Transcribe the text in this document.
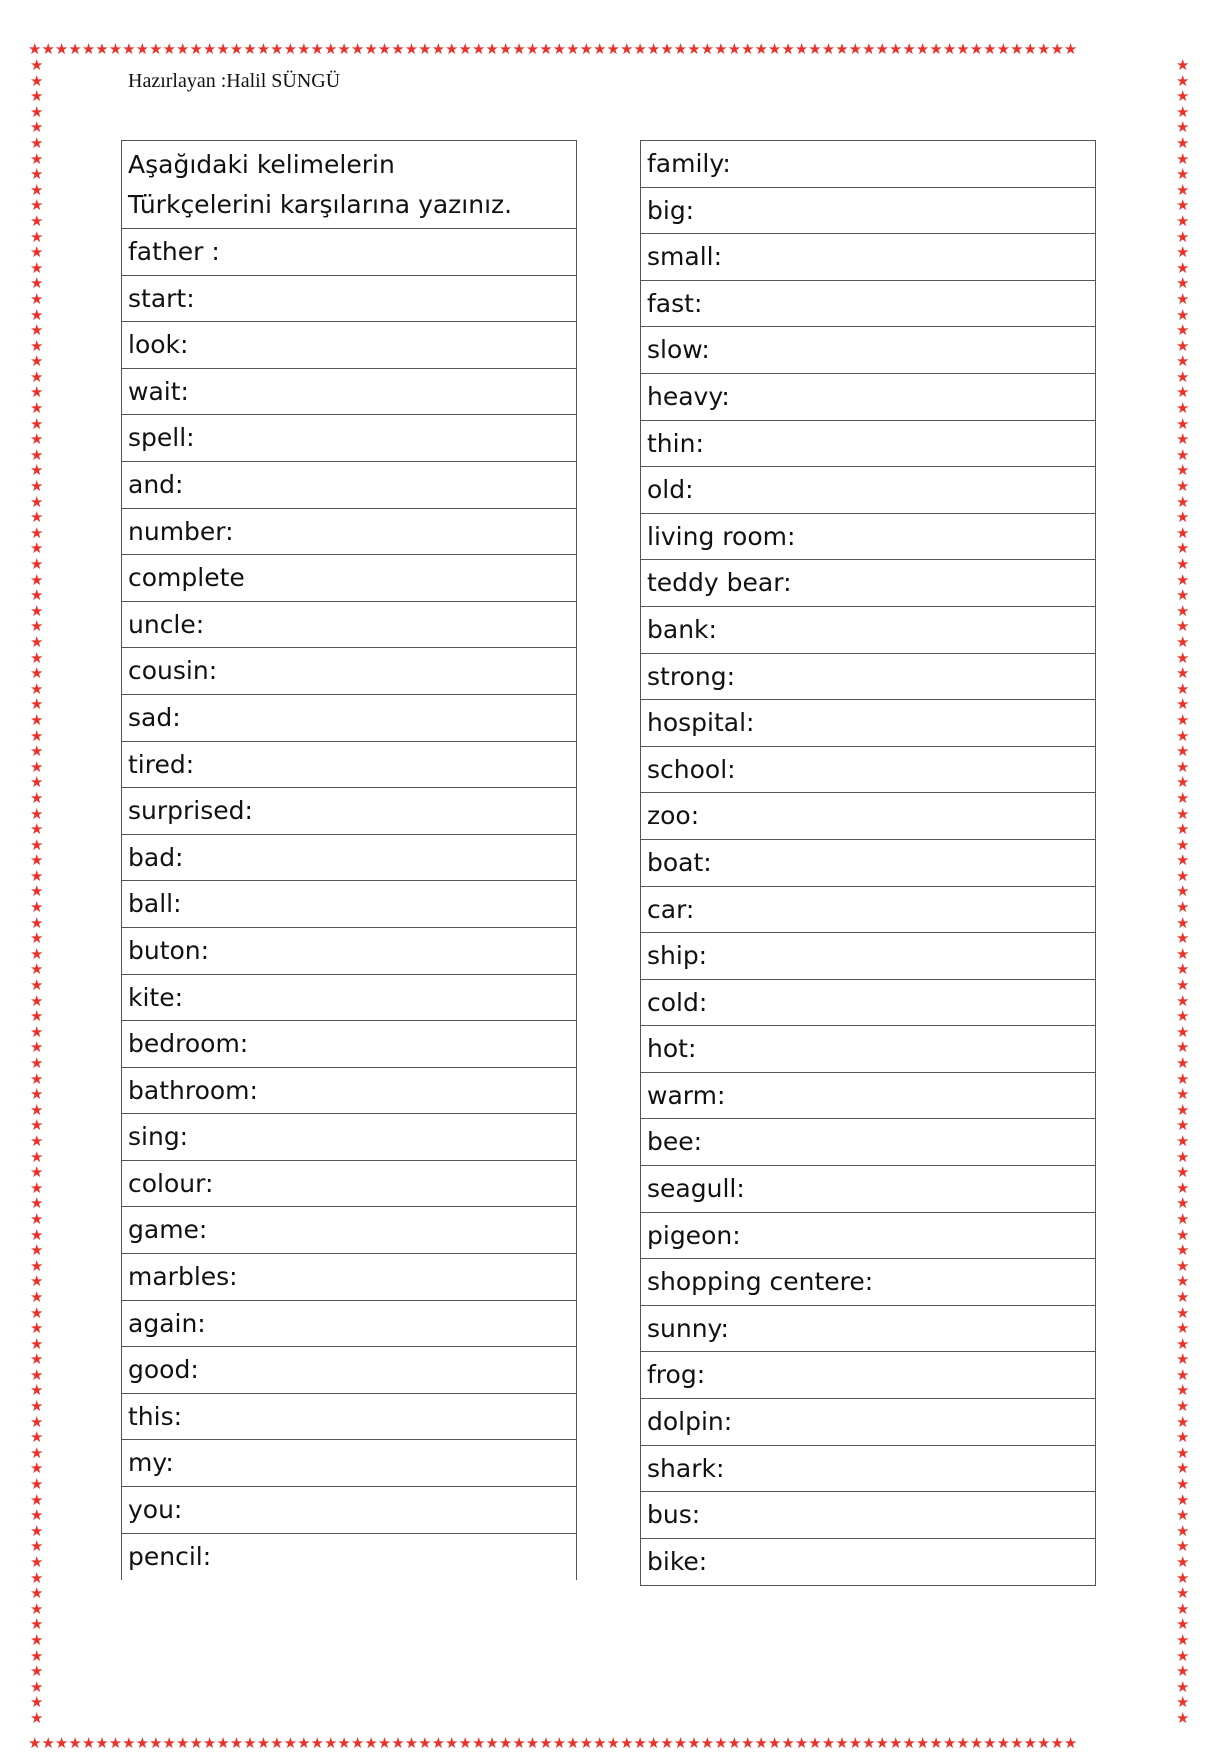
★★★★★★★★★★★★★★★★★★★★★★★★★★★★★★★★★★★★★★★★★★★★★★★★★★★★★★★★★★★★★★★★★★★★★★★★★★★★★★
★★★★★★★★★★★★★★★★★★★★★★★★★★★★★★★★★★★★★★★★★★★★★★★★★★★★★★★★★★★★★★★★★★★★★★★★★★★★★★
★
★
★
★
★
★
★
★
★
★
★
★
★
★
★
★
★
★
★
★
★
★
★
★
★
★
★
★
★
★
★
★
★
★
★
★
★
★
★
★
★
★
★
★
★
★
★
★
★
★
★
★
★
★
★
★
★
★
★
★
★
★
★
★
★
★
★
★
★
★
★
★
★
★
★
★
★
★
★
★
★
★
★
★
★
★
★
★
★
★
★
★
★
★
★
★
★
★
★
★
★
★
★
★
★
★
★
★
★
★
★
★
★
★
★
★
★
★
★
★
★
★
★
★
★
★
★
★
★
★
★
★
★
★
★
★
★
★
★
★
★
★
★
★
★
★
★
★
★
★
★
★
★
★
★
★
★
★
★
★
★
★
★
★
★
★
★
★
★
★
★
★
★
★
★
★
★
★
★
★
★
★
★
★
★
★
★
★
★
★
★
★
★
★
★
★
★
★
★
★
★
★
★
★
★
★
★
★
★
★
★
★
★
★
Hazırlayan :Halil SÜNGÜ
Aşağıdaki kelimelerin
Türkçelerini karşılarına yazınız.
father :
start:
look:
wait:
spell:
and:
number:
complete
uncle:
cousin:
sad:
tired:
surprised:
bad:
ball:
buton:
kite:
bedroom:
bathroom:
sing:
colour:
game:
marbles:
again:
good:
this:
my:
you:
pencil:
family:
big:
small:
fast:
slow:
heavy:
thin:
old:
living room:
teddy bear:
bank:
strong:
hospital:
school:
zoo:
boat:
car:
ship:
cold:
hot:
warm:
bee:
seagull:
pigeon:
shopping centere:
sunny:
frog:
dolpin:
shark:
bus:
bike:
